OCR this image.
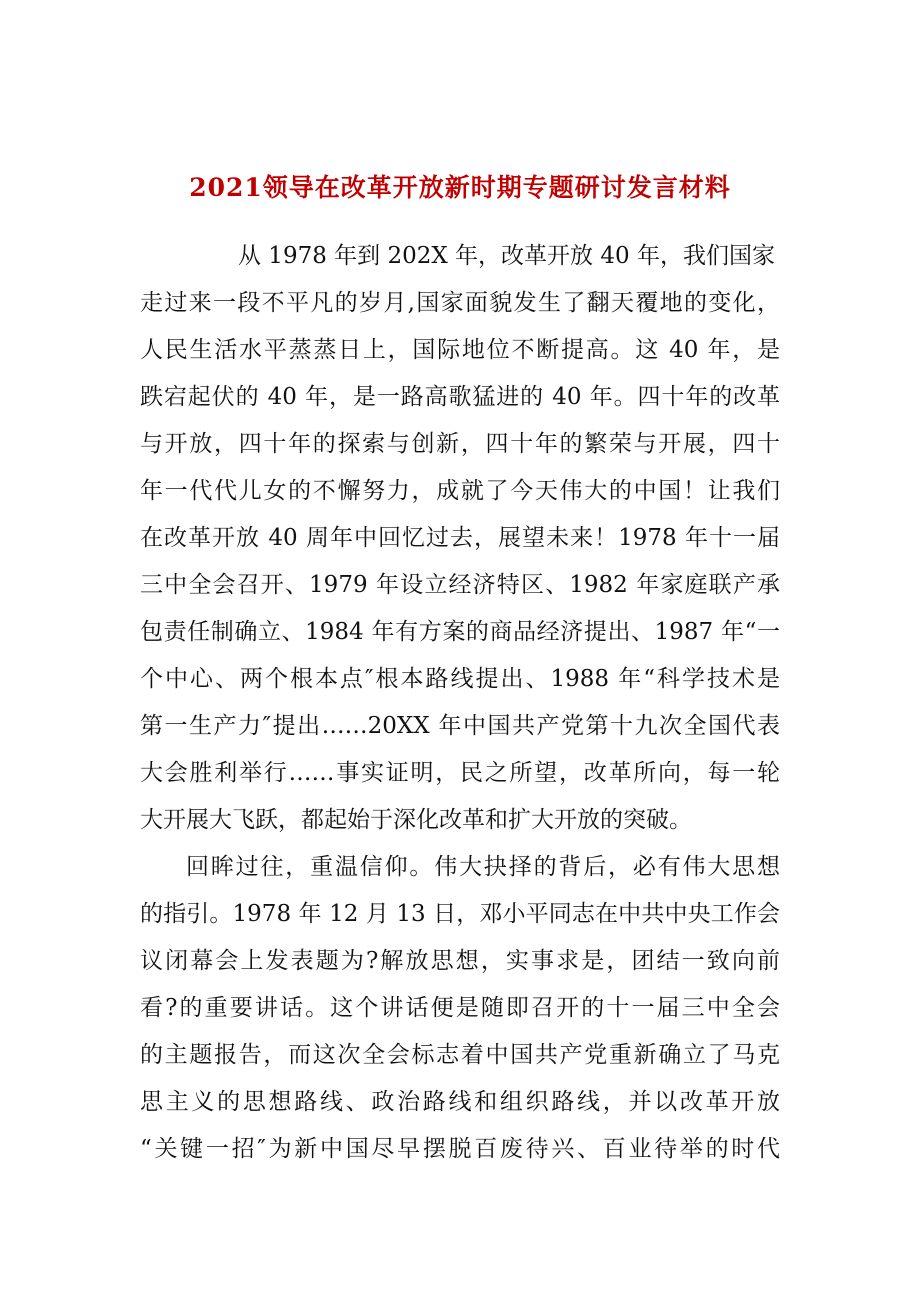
2021领导在改革开放新时期专题研讨发言材料
从 1978 年到 202X 年，改革开放 40 年，我们国家
走过来一段不平凡的岁月,国家面貌发生了翻天覆地的变化，
人民生活水平蒸蒸日上，国际地位不断提高。这 40 年，是
跌宕起伏的 40 年，是一路高歌猛进的 40 年。四十年的改革
与开放，四十年的探索与创新，四十年的繁荣与开展，四十
年一代代儿女的不懈努力，成就了今天伟大的中国！让我们
在改革开放 40 周年中回忆过去，展望未来！1978 年十一届
三中全会召开、1979 年设立经济特区、1982 年家庭联产承
包责任制确立、1984 年有方案的商品经济提出、1987 年“一
个中心、两个根本点″根本路线提出、1988 年“科学技术是
第一生产力″提出……20XX 年中国共产党第十九次全国代表
大会胜利举行……事实证明，民之所望，改革所向，每一轮
大开展大飞跃，都起始于深化改革和扩大开放的突破。
回眸过往，重温信仰。伟大抉择的背后，必有伟大思想
的指引。1978 年 12 月 13 日，邓小平同志在中共中央工作会
议闭幕会上发表题为?解放思想，实事求是，团结一致向前
看?的重要讲话。这个讲话便是随即召开的十一届三中全会
的主题报告，而这次全会标志着中国共产党重新确立了马克
思主义的思想路线、政治路线和组织路线，并以改革开放
“关键一招″为新中国尽早摆脱百废待兴、百业待举的时代
